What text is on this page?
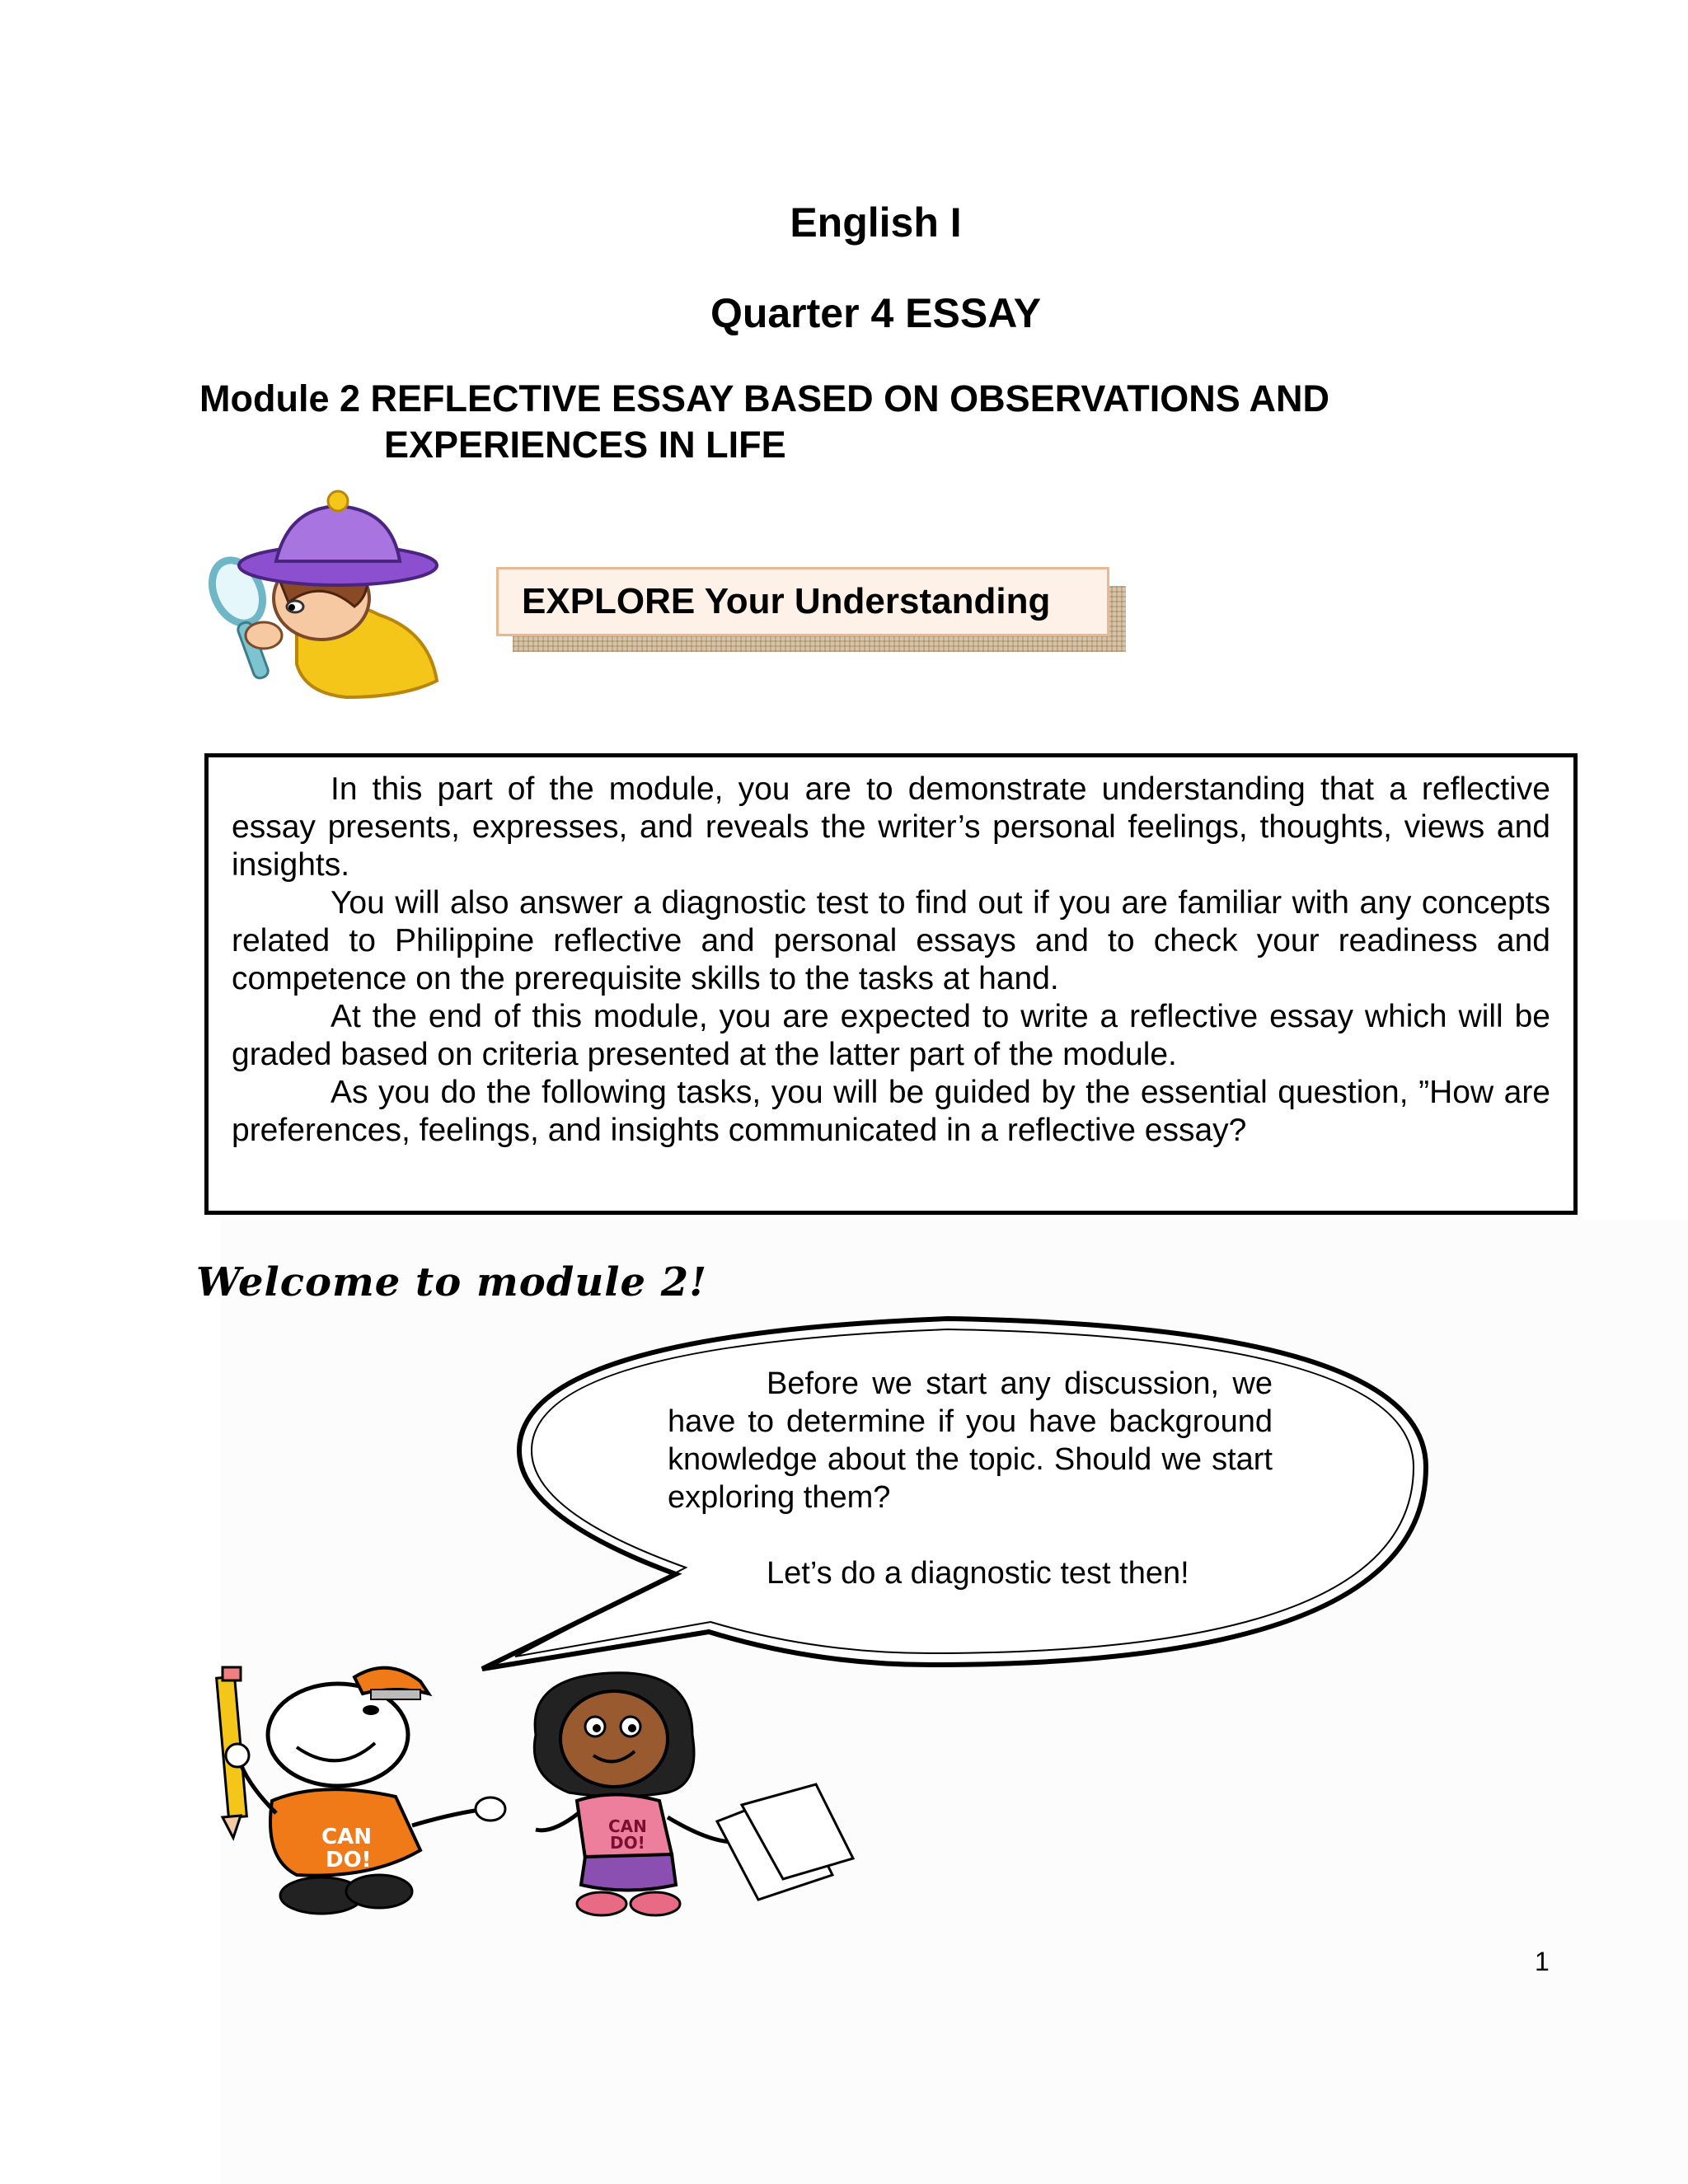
English I
Quarter 4 ESSAY
Module 2 REFLECTIVE ESSAY BASED ON OBSERVATIONS AND
EXPERIENCES IN LIFE
EXPLORE Your Understanding

In this part of the module, you are to demonstrate understanding that a reflective essay presents, expresses, and reveals the writer’s personal feelings, thoughts, views and insights.

You will also answer a diagnostic test to find out if you are familiar with any concepts related to Philippine reflective and personal essays and to check your readiness and competence on the prerequisite skills to the tasks at hand.

At the end of this module, you are expected to write a reflective essay which will be graded based on criteria presented at the latter part of the module.

As you do the following tasks, you will be guided by the essential question, ”How are preferences, feelings, and insights communicated in a reflective essay?

Welcome to module 2!

Before we start any discussion, we have to determine if you have background knowledge about the topic. Should we start exploring them?

Let’s do a diagnostic test then!

CAN
DO!
CAN
DO!
1
